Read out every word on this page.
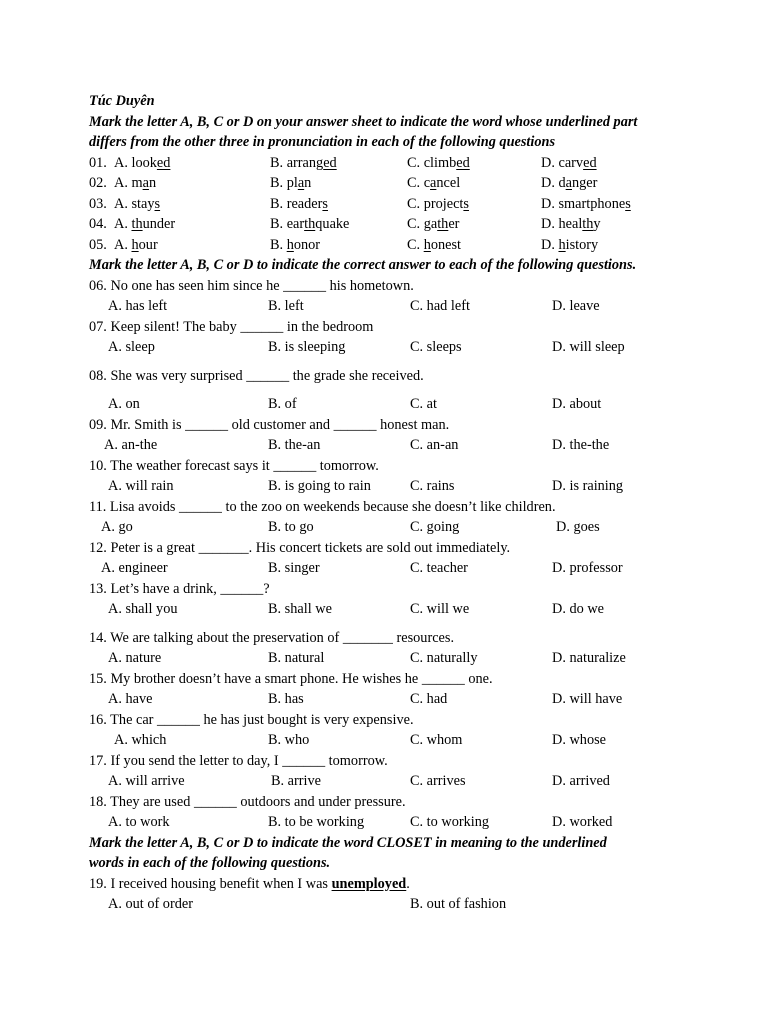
Túc Duyên
Mark the letter A, B, C or D on your answer sheet to indicate the word whose underlined part
differs from the other three in pronunciation in each of the following questions
01. A. looked	B. arranged	C. climbed	D. carved
02. A. man	B. plan	C. cancel	D. danger
03. A. stays	B. readers	C. projects	D. smartphones
04. A. thunder	B. earthquake	C. gather	D. healthy
05. A. hour	B. honor	C. honest	D. history
Mark the letter A, B, C or D to indicate the correct answer to each of the following questions.
06. No one has seen him since he ______ his hometown.
A. has left	B. left	C. had left	D. leave
07. Keep silent! The baby ______ in the bedroom
A. sleep	B. is sleeping	C. sleeps	D. will sleep
08. She was very surprised ______ the grade she received.
A. on	B. of	C. at	D. about
09. Mr. Smith is ______ old customer and ______ honest man.
A. an-the	B. the-an	C. an-an	D. the-the
10. The weather forecast says it ______ tomorrow.
A. will rain	B. is going to rain	C. rains	D. is raining
11. Lisa avoids ______ to the zoo on weekends because she doesn’t like children.
A. go	B. to go	C. going	D. goes
12. Peter is a great _______. His concert tickets are sold out immediately.
A. engineer	B. singer	C. teacher	D. professor
13. Let’s have a drink, ______?
A. shall you	B. shall we	C. will we	D. do we
14. We are talking about the preservation of _______ resources.
A. nature	B. natural	C. naturally	D. naturalize
15. My brother doesn’t have a smart phone. He wishes he ______ one.
A. have	B. has	C. had	D. will have
16. The car ______ he has just bought is very expensive.
A. which	B. who	C. whom	D. whose
17. If you send the letter to day, I ______ tomorrow.
A. will arrive	B. arrive	C. arrives	D. arrived
18. They are used ______ outdoors and under pressure.
A. to work	B. to be working	C. to working	D. worked
Mark the letter A, B, C or D to indicate the word CLOSET in meaning to the underlined
words in each of the following questions.
19. I received housing benefit when I was unemployed.
A. out of order	B. out of fashion
